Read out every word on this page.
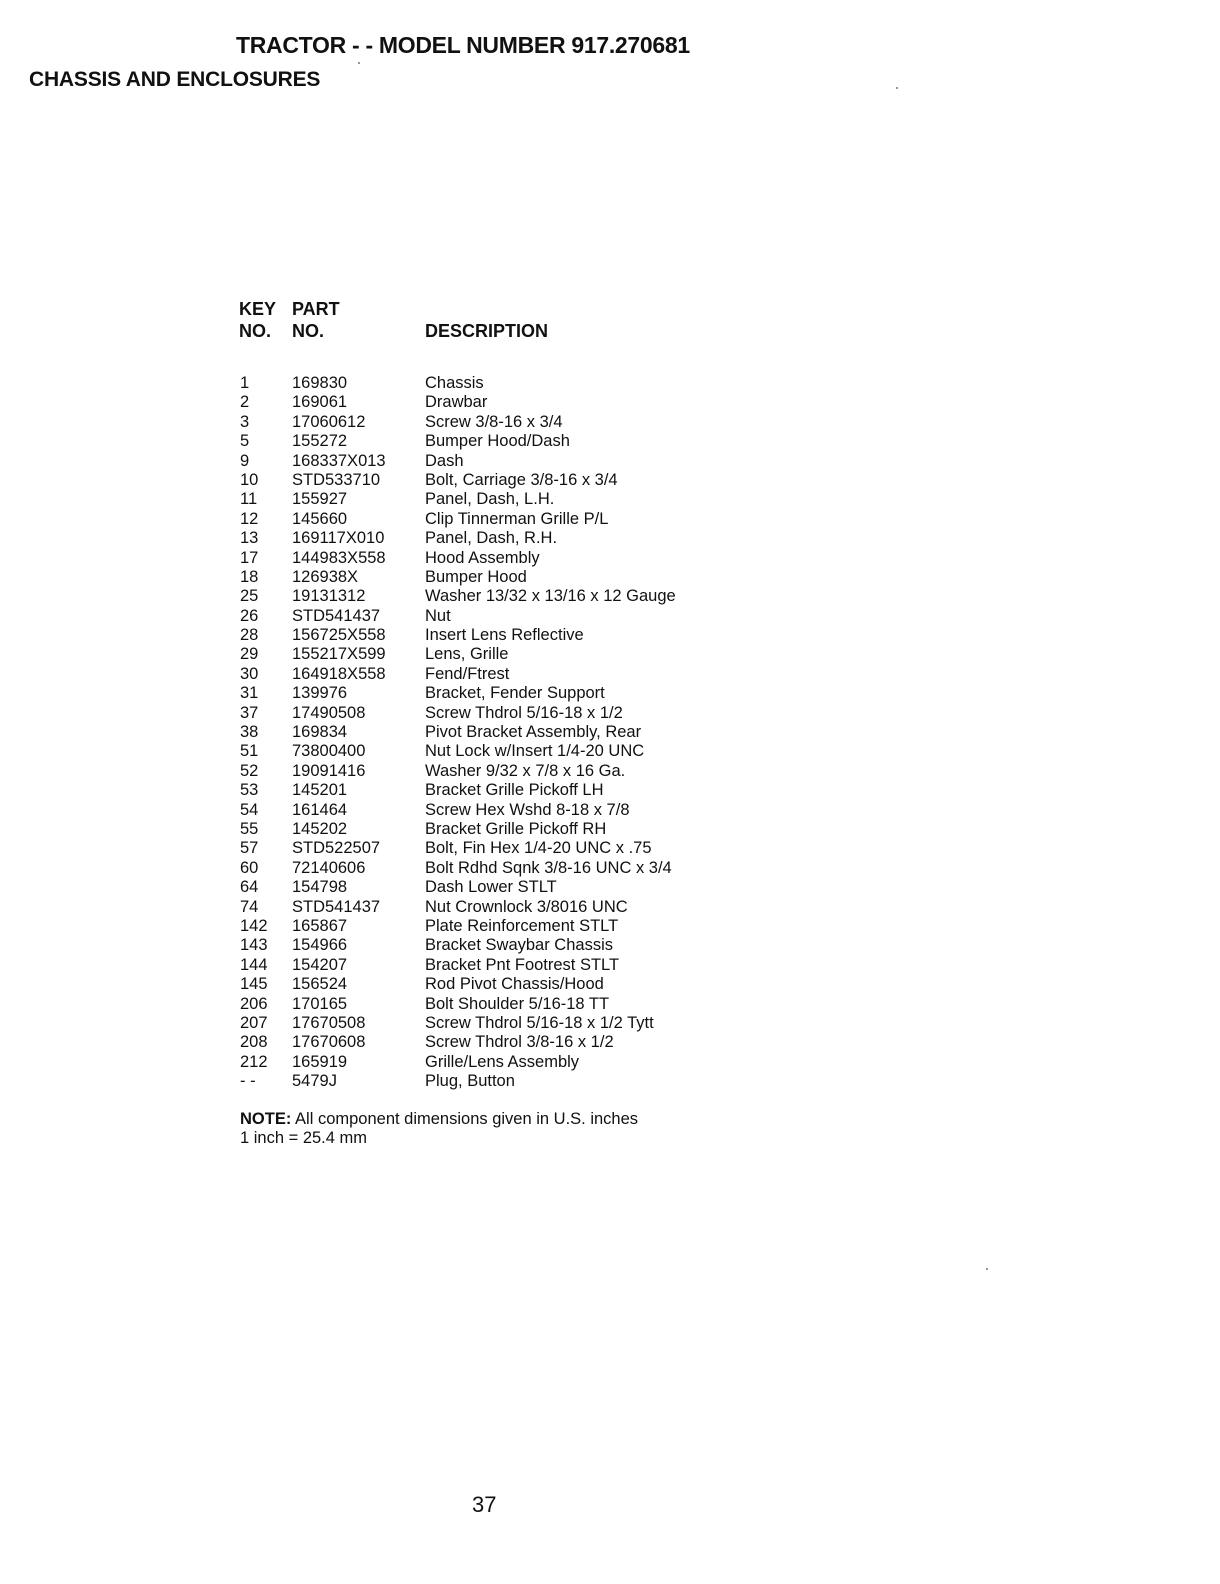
TRACTOR - - MODEL NUMBER 917.270681
CHASSIS AND ENCLOSURES
KEY
NO.
PART
NO.	DESCRIPTION
1	169830	Chassis
2	169061	Drawbar
3	17060612	Screw 3/8-16 x 3/4
5	155272	Bumper Hood/Dash
9	168337X013 Dash
10 STD533710	Bolt, Carriage 3/8-16 x 3/4
11 155927	Panel, Dash, L.H.
12 145660	Clip Tinnerman Grille P/L
13 169117X010 Panel, Dash, R.H.
17 144983X558 Hood Assembly
18 126938X	Bumper Hood
25 19131312	Washer 13/32 x 13/16 x 12 Gauge
26 STD541437	Nut
28 156725X558 Insert Lens Reflective
29 155217X599 Lens, Grille
30 164918X558 Fend/Ftrest
31 139976	Bracket, Fender Support
37 17490508	Screw Thdrol 5/16-18 x 1/2
38 169834	Pivot Bracket Assembly, Rear
51 73800400	Nut Lock w/Insert 1/4-20 UNC
52 19091416	Washer 9/32 x 7/8 x 16 Ga.
53 145201	Bracket Grille Pickoff LH
54 161464	Screw Hex Wshd 8-18 x 7/8
55 145202	Bracket Grille Pickoff RH
57 STD522507	Bolt, Fin Hex 1/4-20 UNC x .75
60 72140606	Bolt Rdhd Sqnk 3/8-16 UNC x 3/4
64 154798	Dash Lower STLT
74 STD541437	Nut Crownlock 3/8016 UNC
142 165867	Plate Reinforcement STLT
143 154966	Bracket Swaybar Chassis
144 154207	Bracket Pnt Footrest STLT
145 156524	Rod Pivot Chassis/Hood
206 170165	Bolt Shoulder 5/16-18 TT
207 17670508	Screw Thdrol 5/16-18 x 1/2 Tytt
208 17670608	Screw Thdrol 3/8-16 x 1/2
212 165919	Grille/Lens Assembly
- - 5479J	Plug, Button
NOTE: All component dimensions given in U.S. inches
1 inch = 25.4 mm
37
